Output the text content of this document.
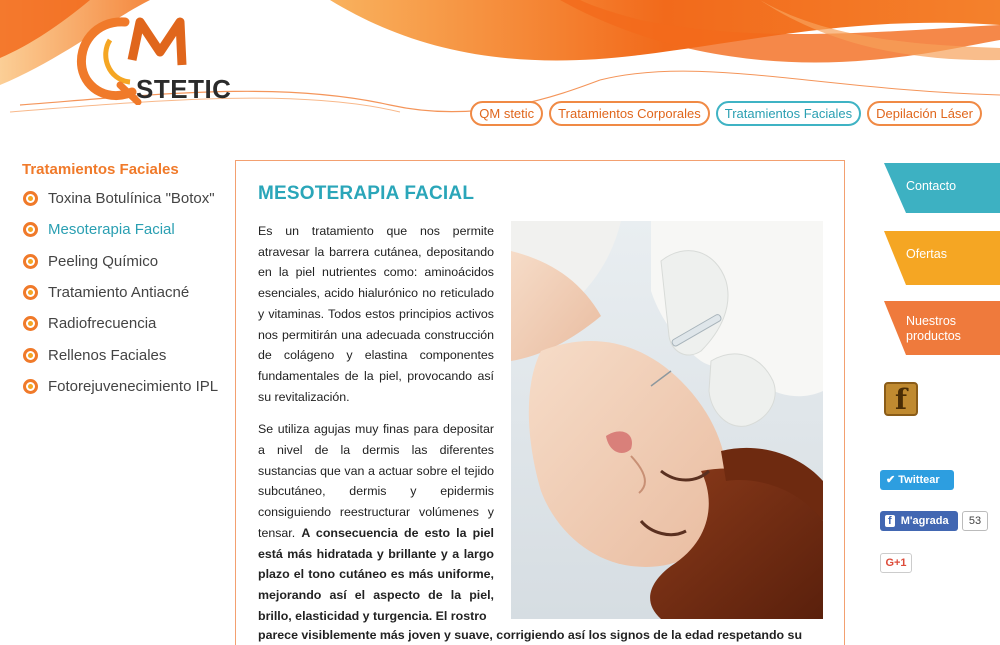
STETIC
QM stetic	Tratamientos Corporales	Tratamientos Faciales	Depilación Láser
Tratamientos Faciales
Toxina Botulínica "Botox"
Mesoterapia Facial
Peeling Químico
Tratamiento Antiacné
Radiofrecuencia
Rellenos Faciales
Fotorejuvenecimiento IPL
MESOTERAPIA FACIAL

Es un tratamiento que nos permite atravesar la barrera cutánea, depositando en la piel nutrientes como: aminoácidos esenciales, acido hialurónico no reticulado y vitaminas. Todos estos principios activos nos permitirán una adecuada construcción de colágeno y elastina componentes fundamentales de la piel, provocando así su revitalización.

Se utiliza agujas muy finas para depositar a nivel de la dermis las diferentes sustancias que van a actuar sobre el tejido subcutáneo, dermis y epidermis consiguiendo reestructurar volúmenes y tensar. A consecuencia de esto la piel está más hidratada y brillante y a largo plazo el tono cutáneo es más uniforme, mejorando así el aspecto de la piel, brillo, elasticidad y turgencia. El rostro

parece visiblemente más joven y suave, corrigiendo así los signos de la edad respetando su
Contacto
Ofertas
Nuestros
productos
f
✔ Twittear
f M'agrada	53
G+1
